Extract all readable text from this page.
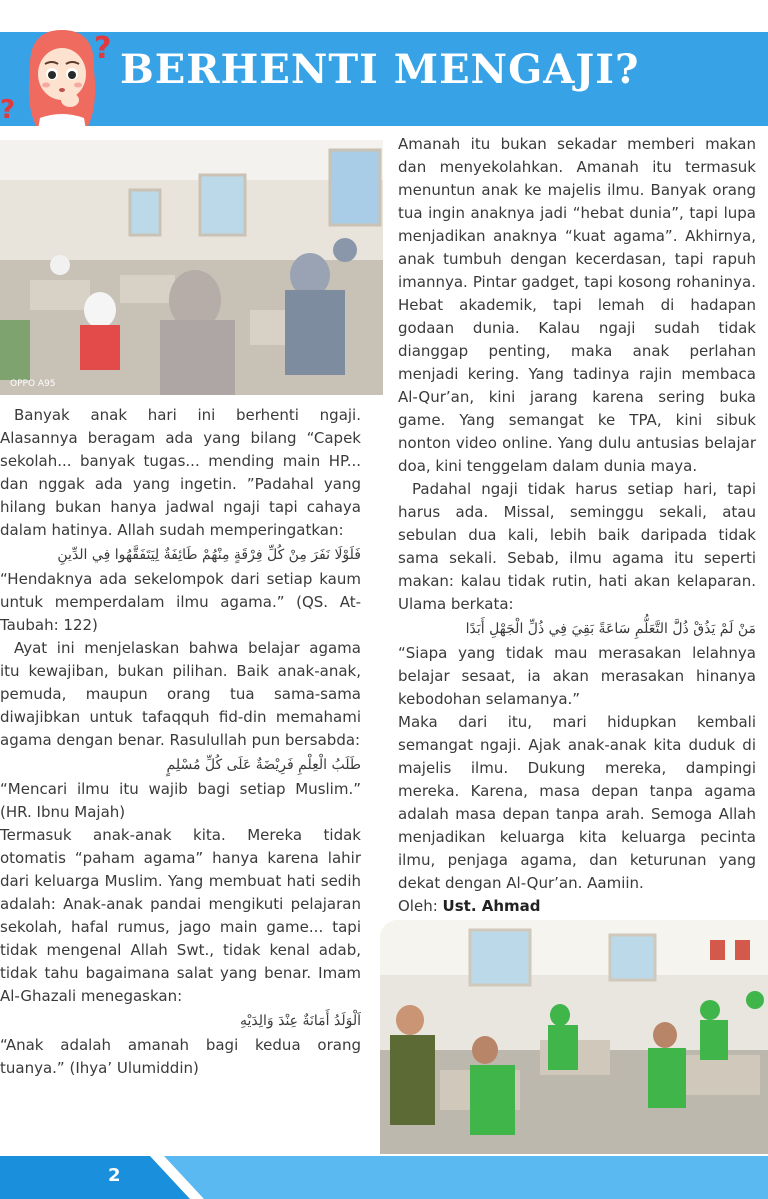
?
?
BERHENTI MENGAJI?
OPPO A95

Banyak anak hari ini berhenti ngaji. Alasannya beragam ada yang bilang “Capek sekolah... banyak tugas... mending main HP... dan nggak ada yang ingetin. ”Padahal yang hilang bukan hanya jadwal ngaji tapi cahaya dalam hatinya. Allah sudah memperingatkan:

فَلَوْلَا نَفَرَ مِنْ كُلِّ فِرْقَةٍ مِنْهُمْ طَائِفَةٌ لِيَتَفَقَّهُوا فِي الدِّينِ

“Hendaknya ada sekelompok dari setiap kaum untuk memperdalam ilmu agama.” (QS. At-Taubah: 122)

Ayat ini menjelaskan bahwa belajar agama itu kewajiban, bukan pilihan. Baik anak-anak, pemuda, maupun orang tua sama-sama diwajibkan untuk tafaqquh fid-din memahami agama dengan benar. Rasulullah pun bersabda:

طَلَبُ الْعِلْمِ فَرِيْضَةٌ عَلَى كُلِّ مُسْلِمٍ

“Mencari ilmu itu wajib bagi setiap Muslim.” (HR. Ibnu Majah)

Termasuk anak-anak kita. Mereka tidak otomatis “paham agama” hanya karena lahir dari keluarga Muslim. Yang membuat hati sedih adalah: Anak-anak pandai mengikuti pelajaran sekolah, hafal rumus, jago main game... tapi tidak mengenal Allah Swt., tidak kenal adab, tidak tahu bagaimana salat yang benar. Imam Al-Ghazali menegaskan:

اَلْوَلَدُ أَمَانَةٌ عِنْدَ وَالِدَيْهِ

“Anak adalah amanah bagi kedua orang tuanya.” (Ihya’ Ulumiddin)

Amanah itu bukan sekadar memberi makan dan menyekolahkan. Amanah itu termasuk menuntun anak ke majelis ilmu. Banyak orang tua ingin anaknya jadi “hebat dunia”, tapi lupa menjadikan anaknya “kuat agama”. Akhirnya, anak tumbuh dengan kecerdasan, tapi rapuh imannya. Pintar gadget, tapi kosong rohaninya. Hebat akademik, tapi lemah di hadapan godaan dunia. Kalau ngaji sudah tidak dianggap penting, maka anak perlahan menjadi kering. Yang tadinya rajin membaca Al-Qur’an, kini jarang karena sering buka game. Yang semangat ke TPA, kini sibuk nonton video online. Yang dulu antusias belajar doa, kini tenggelam dalam dunia maya.

Padahal ngaji tidak harus setiap hari, tapi harus ada. Missal, seminggu sekali, atau sebulan dua kali, lebih baik daripada tidak sama sekali. Sebab, ilmu agama itu seperti makan: kalau tidak rutin, hati akan kelaparan. Ulama berkata:

مَنْ لَمْ يَذُقْ ذُلَّ التَّعَلُّمِ سَاعَةً بَقِيَ فِي ذُلِّ الْجَهْلِ أَبَدًا

“Siapa yang tidak mau merasakan lelahnya belajar sesaat, ia akan merasakan hinanya kebodohan selamanya.”

Maka dari itu, mari hidupkan kembali semangat ngaji. Ajak anak-anak kita duduk di majelis ilmu. Dukung mereka, dampingi mereka. Karena, masa depan tanpa agama adalah masa depan tanpa arah. Semoga Allah menjadikan keluarga kita keluarga pecinta ilmu, penjaga agama, dan keturunan yang dekat dengan Al-Qur’an. Aamiin.

Oleh: Ust. Ahmad

2
